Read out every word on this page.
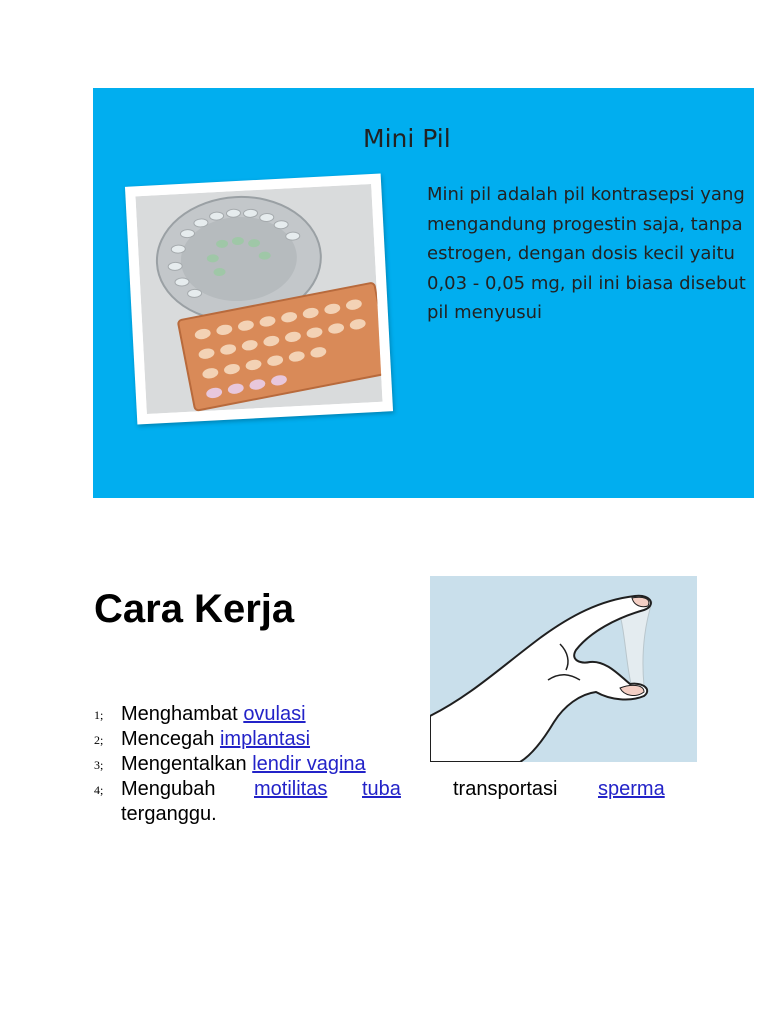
Mini Pil
Mini pil adalah pil kontrasepsi yang mengandung progestin saja, tanpa estrogen, dengan dosis kecil yaitu 0,03 - 0,05 mg, pil ini biasa disebut pil menyusui
Cara Kerja
1; Menghambat ovulasi
2; Mencegah implantasi
3; Mengentalkan lendir vagina
4; Mengubah motilitas tuba	transportasi sperma
terganggu.
